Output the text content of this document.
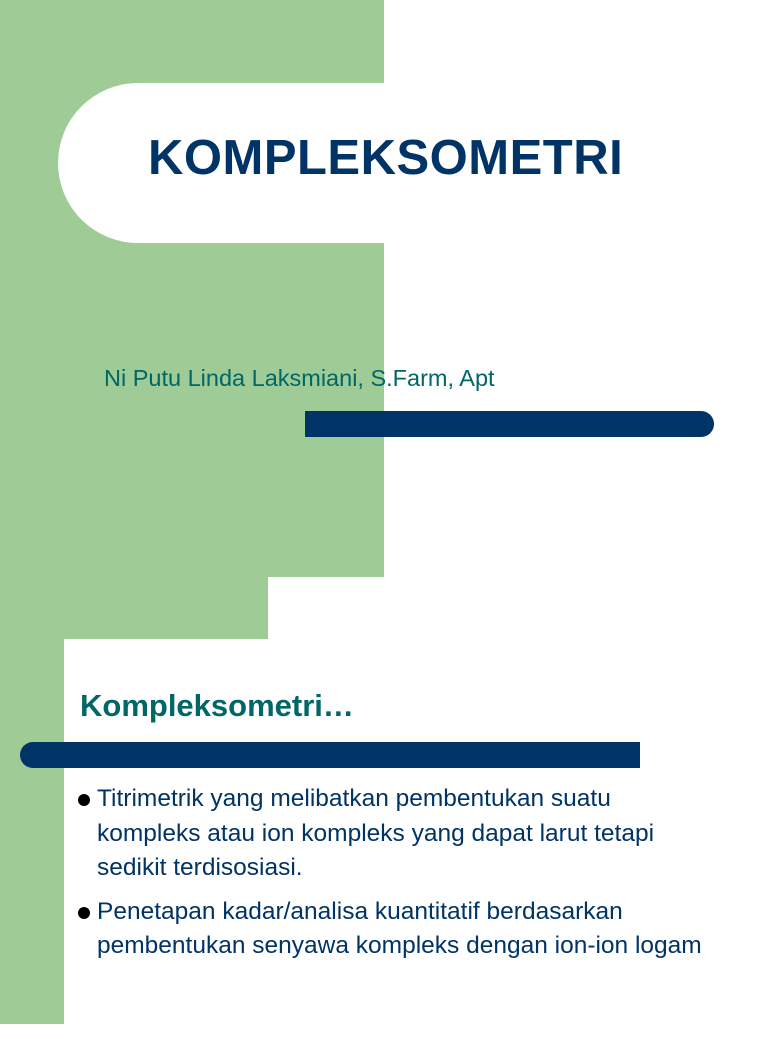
KOMPLEKSOMETRI
Ni Putu Linda Laksmiani, S.Farm, Apt
Kompleksometri…
Titrimetrik yang melibatkan pembentukan suatu kompleks atau ion kompleks yang dapat larut tetapi sedikit terdisosiasi.
Penetapan kadar/analisa kuantitatif berdasarkan pembentukan senyawa kompleks dengan ion-ion logam
